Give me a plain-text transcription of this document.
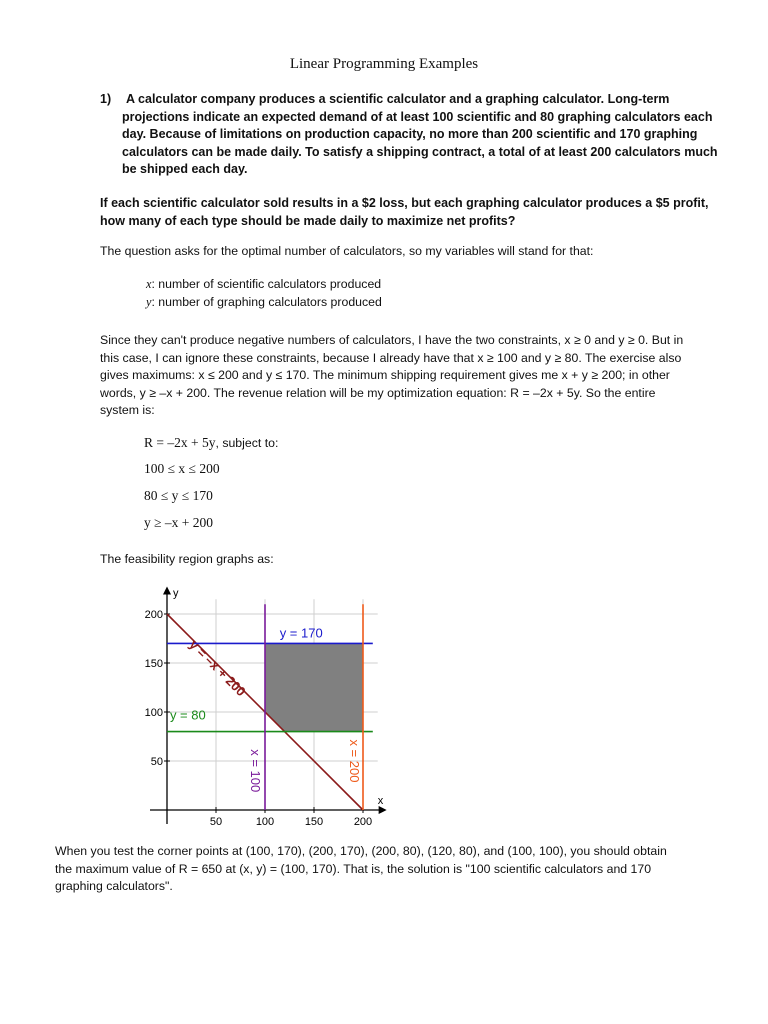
Linear Programming Examples
1)	A calculator company produces a scientific calculator and a graphing calculator. Long-term projections indicate an expected demand of at least 100 scientific and 80 graphing calculators each day. Because of limitations on production capacity, no more than 200 scientific and 170 graphing calculators can be made daily. To satisfy a shipping contract, a total of at least 200 calculators much be shipped each day.
If each scientific calculator sold results in a $2 loss, but each graphing calculator produces a $5 profit, how many of each type should be made daily to maximize net profits?
The question asks for the optimal number of calculators, so my variables will stand for that:
x: number of scientific calculators produced
y: number of graphing calculators produced
Since they can't produce negative numbers of calculators, I have the two constraints, x ≥ 0 and y ≥ 0. But in
this case, I can ignore these constraints, because I already have that x ≥ 100 and y ≥ 80. The exercise also
gives maximums: x ≤ 200 and y ≤ 170. The minimum shipping requirement gives me x + y ≥ 200; in other
words, y ≥ –x + 200. The revenue relation will be my optimization equation: R = –2x + 5y. So the entire
system is:
R = –2x + 5y, subject to:
100 ≤ x ≤ 200
80 ≤ y ≤ 170
y ≥ –x + 200
The feasibility region graphs as:
x
y
50	100	150	200
50
100
150
200
y = 170
y = 80
x = 100	x = 200
y = –x + 200
When you test the corner points at (100, 170), (200, 170), (200, 80), (120, 80), and (100, 100), you should obtain
the maximum value of R = 650 at (x, y) = (100, 170). That is, the solution is "100 scientific calculators and 170
graphing calculators".
